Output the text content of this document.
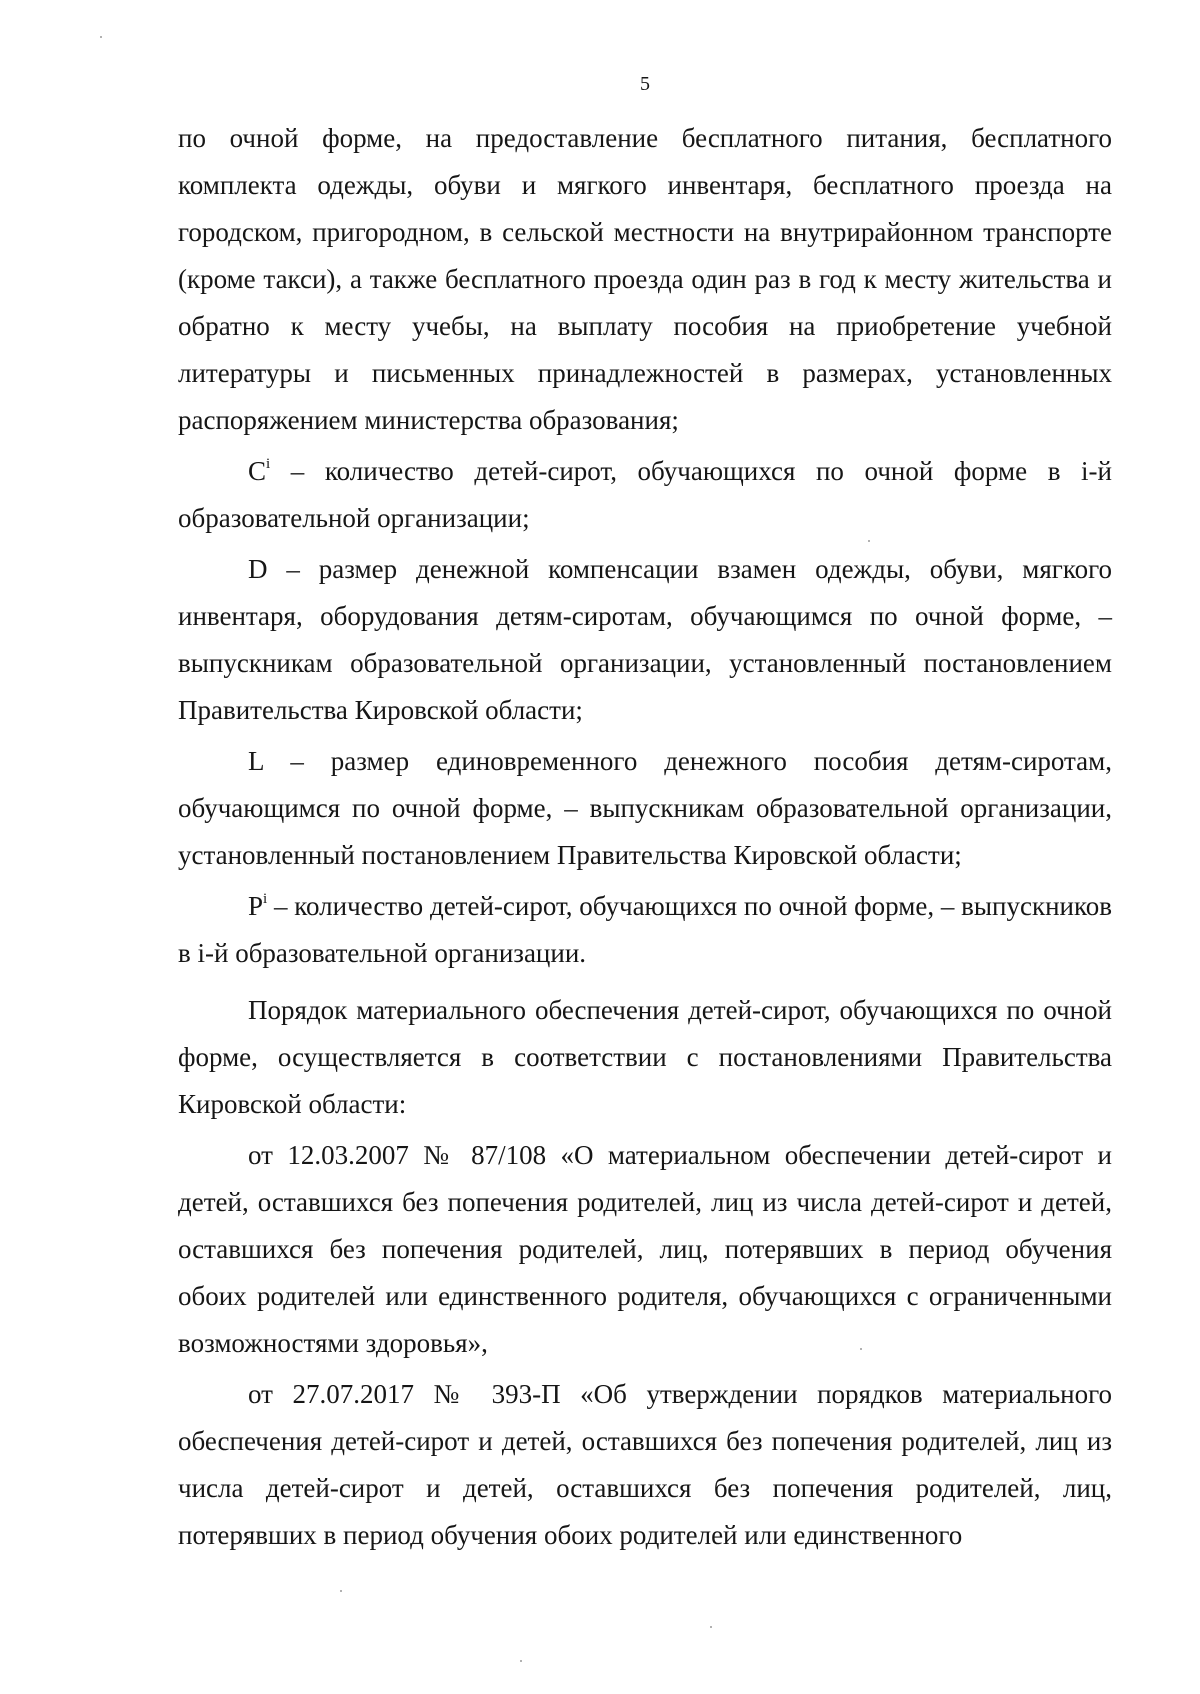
5

по очной форме, на предоставление бесплатного питания, бесплатного комплекта одежды, обуви и мягкого инвентаря, бесплатного проезда на городском, пригородном, в сельской местности на внутрирайонном транспорте (кроме такси), а также бесплатного проезда один раз в год к месту жительства и обратно к месту учебы, на выплату пособия на приобретение учебной литературы и письменных принадлежностей в размерах, установленных распоряжением министерства образования;

$C^i$ – количество детей-сирот, обучающихся по очной форме в i-й образовательной организации;

D – размер денежной компенсации взамен одежды, обуви, мягкого инвентаря, оборудования детям-сиротам, обучающимся по очной форме, – выпускникам образовательной организации, установленный постановлением Правительства Кировской области;

L – размер единовременного денежного пособия детям-сиротам, обучающимся по очной форме, – выпускникам образовательной организации, установленный постановлением Правительства Кировской области;

$P^i$ – количество детей-сирот, обучающихся по очной форме, – выпускников в i-й образовательной организации.

Порядок материального обеспечения детей-сирот, обучающихся по очной форме, осуществляется в соответствии с постановлениями Правительства Кировской области:

от 12.03.2007 № 87/108 «О материальном обеспечении детей-сирот и детей, оставшихся без попечения родителей, лиц из числа детей-сирот и детей, оставшихся без попечения родителей, лиц, потерявших в период обучения обоих родителей или единственного родителя, обучающихся с ограниченными возможностями здоровья»,

от 27.07.2017 № 393-П «Об утверждении порядков материального обеспечения детей-сирот и детей, оставшихся без попечения родителей, лиц из числа детей-сирот и детей, оставшихся без попечения родителей, лиц, потерявших в период обучения обоих родителей или единственного
